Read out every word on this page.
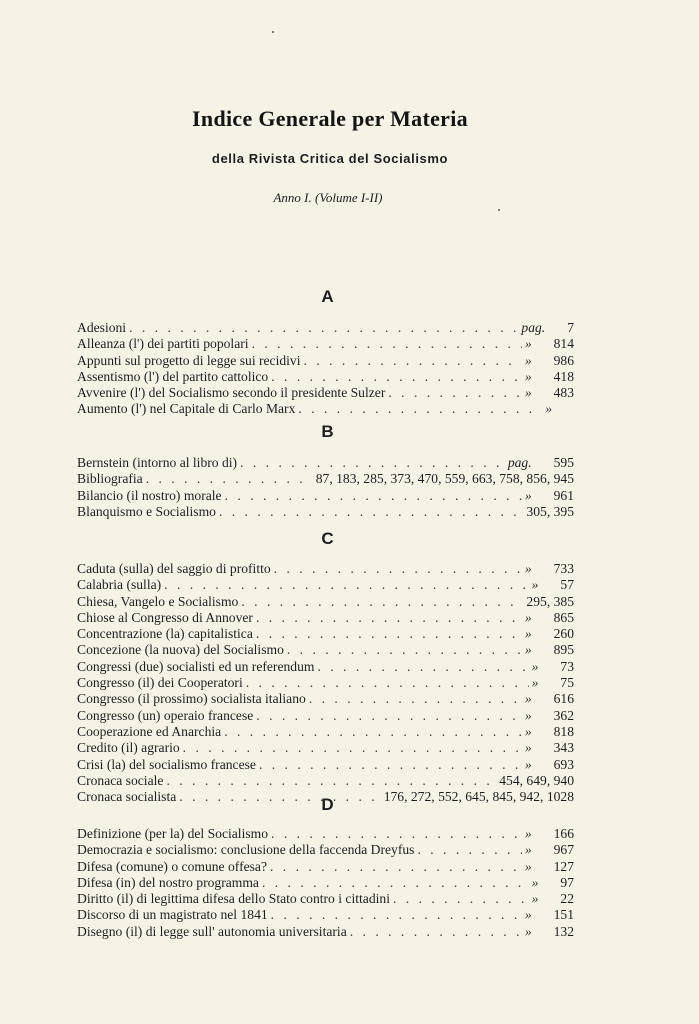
Indice Generale per Materia
della Rivista Critica del Socialismo
Anno I. (Volume I-II)
A
Adesioni . . .	pag. 7
Alleanza (l') dei partiti popolari . . .	» 814
Appunti sul progetto di legge sui recidivi . . .	» 986
Assentismo (l') del partito cattolico . . .	» 418
Avvenire (l') del Socialismo secondo il presidente Sulzer . . .	» 483
Aumento (l') nel Capitale di Carlo Marx . . .	»
B
Bernstein (intorno al libro di) . . .	pag. 595
Bibliografia . . .	87, 183, 285, 373, 470, 559, 663, 758, 856, 945
Bilancio (il nostro) morale . . .	» 961
Blanquismo e Socialismo . . .	305, 395
C
Caduta (sulla) del saggio di profitto . . .	» 733
Calabria (sulla) . . .	» 57
Chiesa, Vangelo e Socialismo . . .	295, 385
Chiose al Congresso di Annover . . .	» 865
Concentrazione (la) capitalistica . . .	» 260
Concezione (la nuova) del Socialismo . . .	» 895
Congressi (due) socialisti ed un referendum . . .	» 73
Congresso (il) dei Cooperatori . . .	» 75
Congresso (il prossimo) socialista italiano . . .	» 616
Congresso (un) operaio francese . . .	» 362
Cooperazione ed Anarchia . . .	» 818
Credito (il) agrario . . .	» 343
Crisi (la) del socialismo francese . . .	» 693
Cronaca sociale . . .	454, 649, 940
Cronaca socialista . . .	176, 272, 552, 645, 845, 942, 1028
D
Definizione (per la) del Socialismo . . .	» 166
Democrazia e socialismo: conclusione della faccenda Dreyfus . . .	» 967
Difesa (comune) o comune offesa? . . .	» 127
Difesa (in) del nostro programma . . .	» 97
Diritto (il) di legittima difesa dello Stato contro i cittadini . . .	» 22
Discorso di un magistrato nel 1841 . . .	» 151
Disegno (il) di legge sull' autonomia universitaria . . .	» 132
